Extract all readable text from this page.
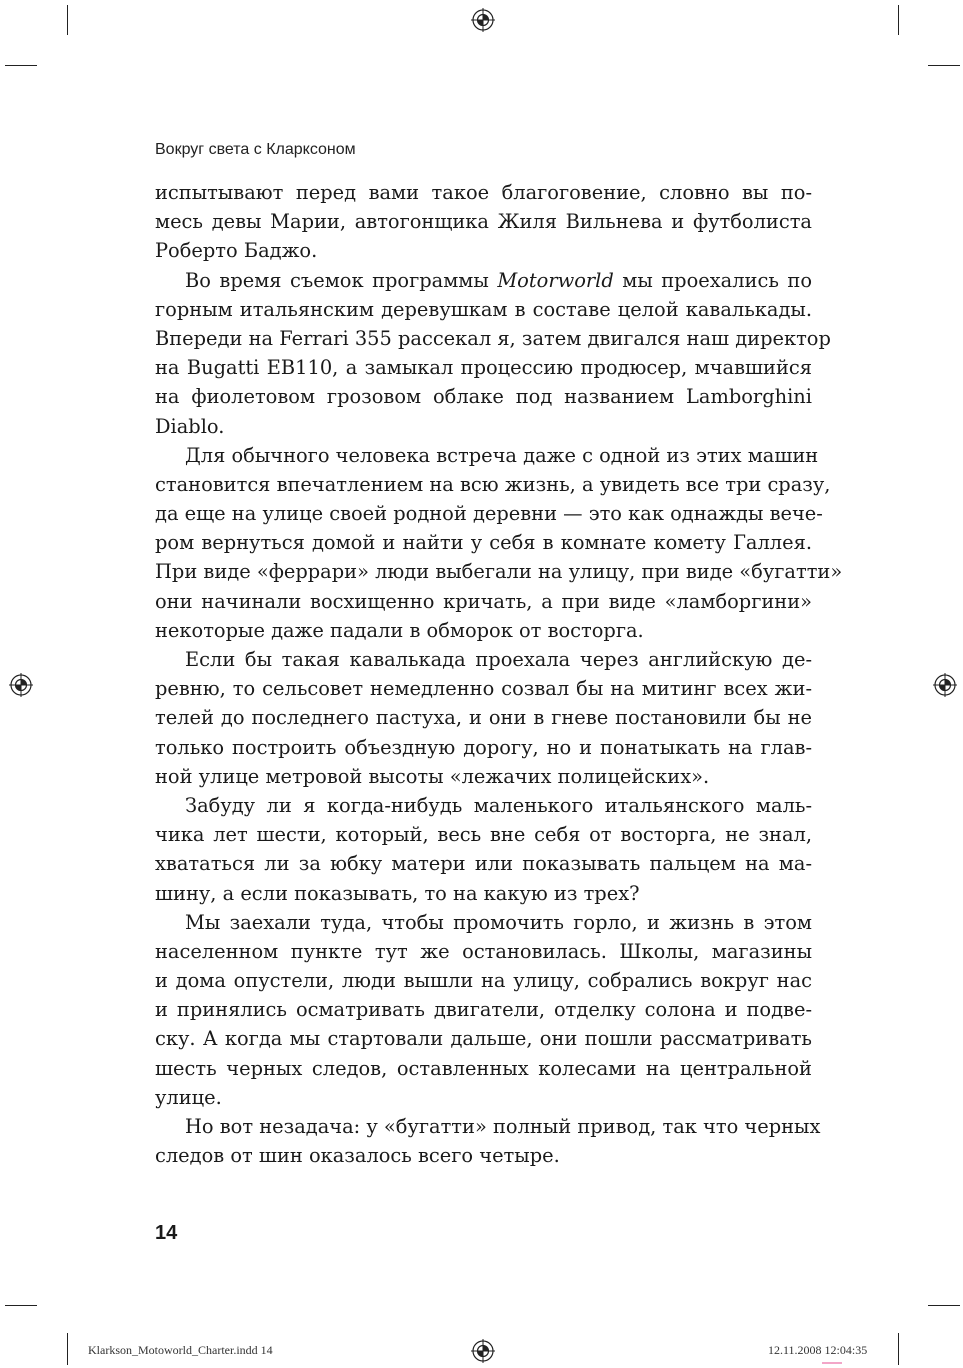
Вокруг света с Кларксоном
испытывают перед вами такое благоговение, словно вы по-
месь девы Марии, автогонщика Жиля Вильнева и футболиста
Роберто Баджо.
Во время съемок программы Motorworld мы проехались по
горным итальянским деревушкам в составе целой кавалькады.
Впереди на Ferrari 355 рассекал я, затем двигался наш директор
на Bugatti EB110, а замыкал процессию продюсер, мчавшийся
на фиолетовом грозовом облаке под названием Lamborghini
Diablo.
Для обычного человека встреча даже с одной из этих машин
становится впечатлением на всю жизнь, а увидеть все три сразу,
да еще на улице своей родной деревни — это как однажды вече-
ром вернуться домой и найти у себя в комнате комету Галлея.
При виде «феррари» люди выбегали на улицу, при виде «бугатти»
они начинали восхищенно кричать, а при виде «ламборгини»
некоторые даже падали в обморок от восторга.
Если бы такая кавалькада проехала через английскую де-
ревню, то сельсовет немедленно созвал бы на митинг всех жи-
телей до последнего пастуха, и они в гневе постановили бы не
только построить объездную дорогу, но и понатыкать на глав-
ной улице метровой высоты «лежачих полицейских».
Забуду ли я когда-нибудь маленького итальянского маль-
чика лет шести, который, весь вне себя от восторга, не знал,
хвататься ли за юбку матери или показывать пальцем на ма-
шину, а если показывать, то на какую из трех?
Мы заехали туда, чтобы промочить горло, и жизнь в этом
населенном пункте тут же остановилась. Школы, магазины
и дома опустели, люди вышли на улицу, собрались вокруг нас
и принялись осматривать двигатели, отделку солона и подве-
ску. А когда мы стартовали дальше, они пошли рассматривать
шесть черных следов, оставленных колесами на центральной
улице.
Но вот незадача: у «бугатти» полный привод, так что черных
следов от шин оказалось всего четыре.
14
Klarkson_Motoworld_Charter.indd 14	12.11.2008 12:04:35
